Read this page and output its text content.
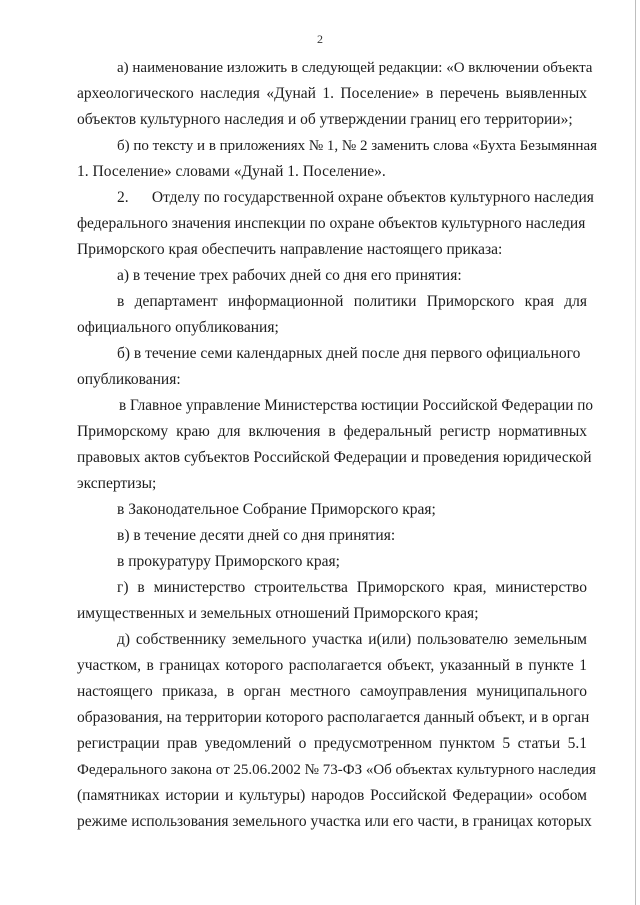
2
а) наименование изложить в следующей редакции: «О включении объекта
археологического наследия «Дунай 1. Поселение» в перечень выявленных
объектов культурного наследия и об утверждении границ его территории»;
б) по тексту и в приложениях № 1, № 2 заменить слова «Бухта Безымянная
1. Поселение» словами «Дунай 1. Поселение».
2.      Отделу по государственной охране объектов культурного наследия
федерального значения инспекции по охране объектов культурного наследия
Приморского края обеспечить направление настоящего приказа:
а) в течение трех рабочих дней со дня его принятия:
в департамент информационной политики Приморского края для
официального опубликования;
б) в течение семи календарных дней после дня первого официального
опубликования:
в Главное управление Министерства юстиции Российской Федерации по
Приморскому краю для включения в федеральный регистр нормативных
правовых актов субъектов Российской Федерации и проведения юридической
экспертизы;
в Законодательное Собрание Приморского края;
в) в течение десяти дней со дня принятия:
в прокуратуру Приморского края;
г) в министерство строительства Приморского края, министерство
имущественных и земельных отношений Приморского края;
д) собственнику земельного участка и(или) пользователю земельным
участком, в границах которого располагается объект, указанный в пункте 1
настоящего приказа, в орган местного самоуправления муниципального
образования, на территории которого располагается данный объект, и в орган
регистрации прав уведомлений о предусмотренном пунктом 5 статьи 5.1
Федерального закона от 25.06.2002 № 73-ФЗ «Об объектах культурного наследия
(памятниках истории и культуры) народов Российской Федерации» особом
режиме использования земельного участка или его части, в границах которых
